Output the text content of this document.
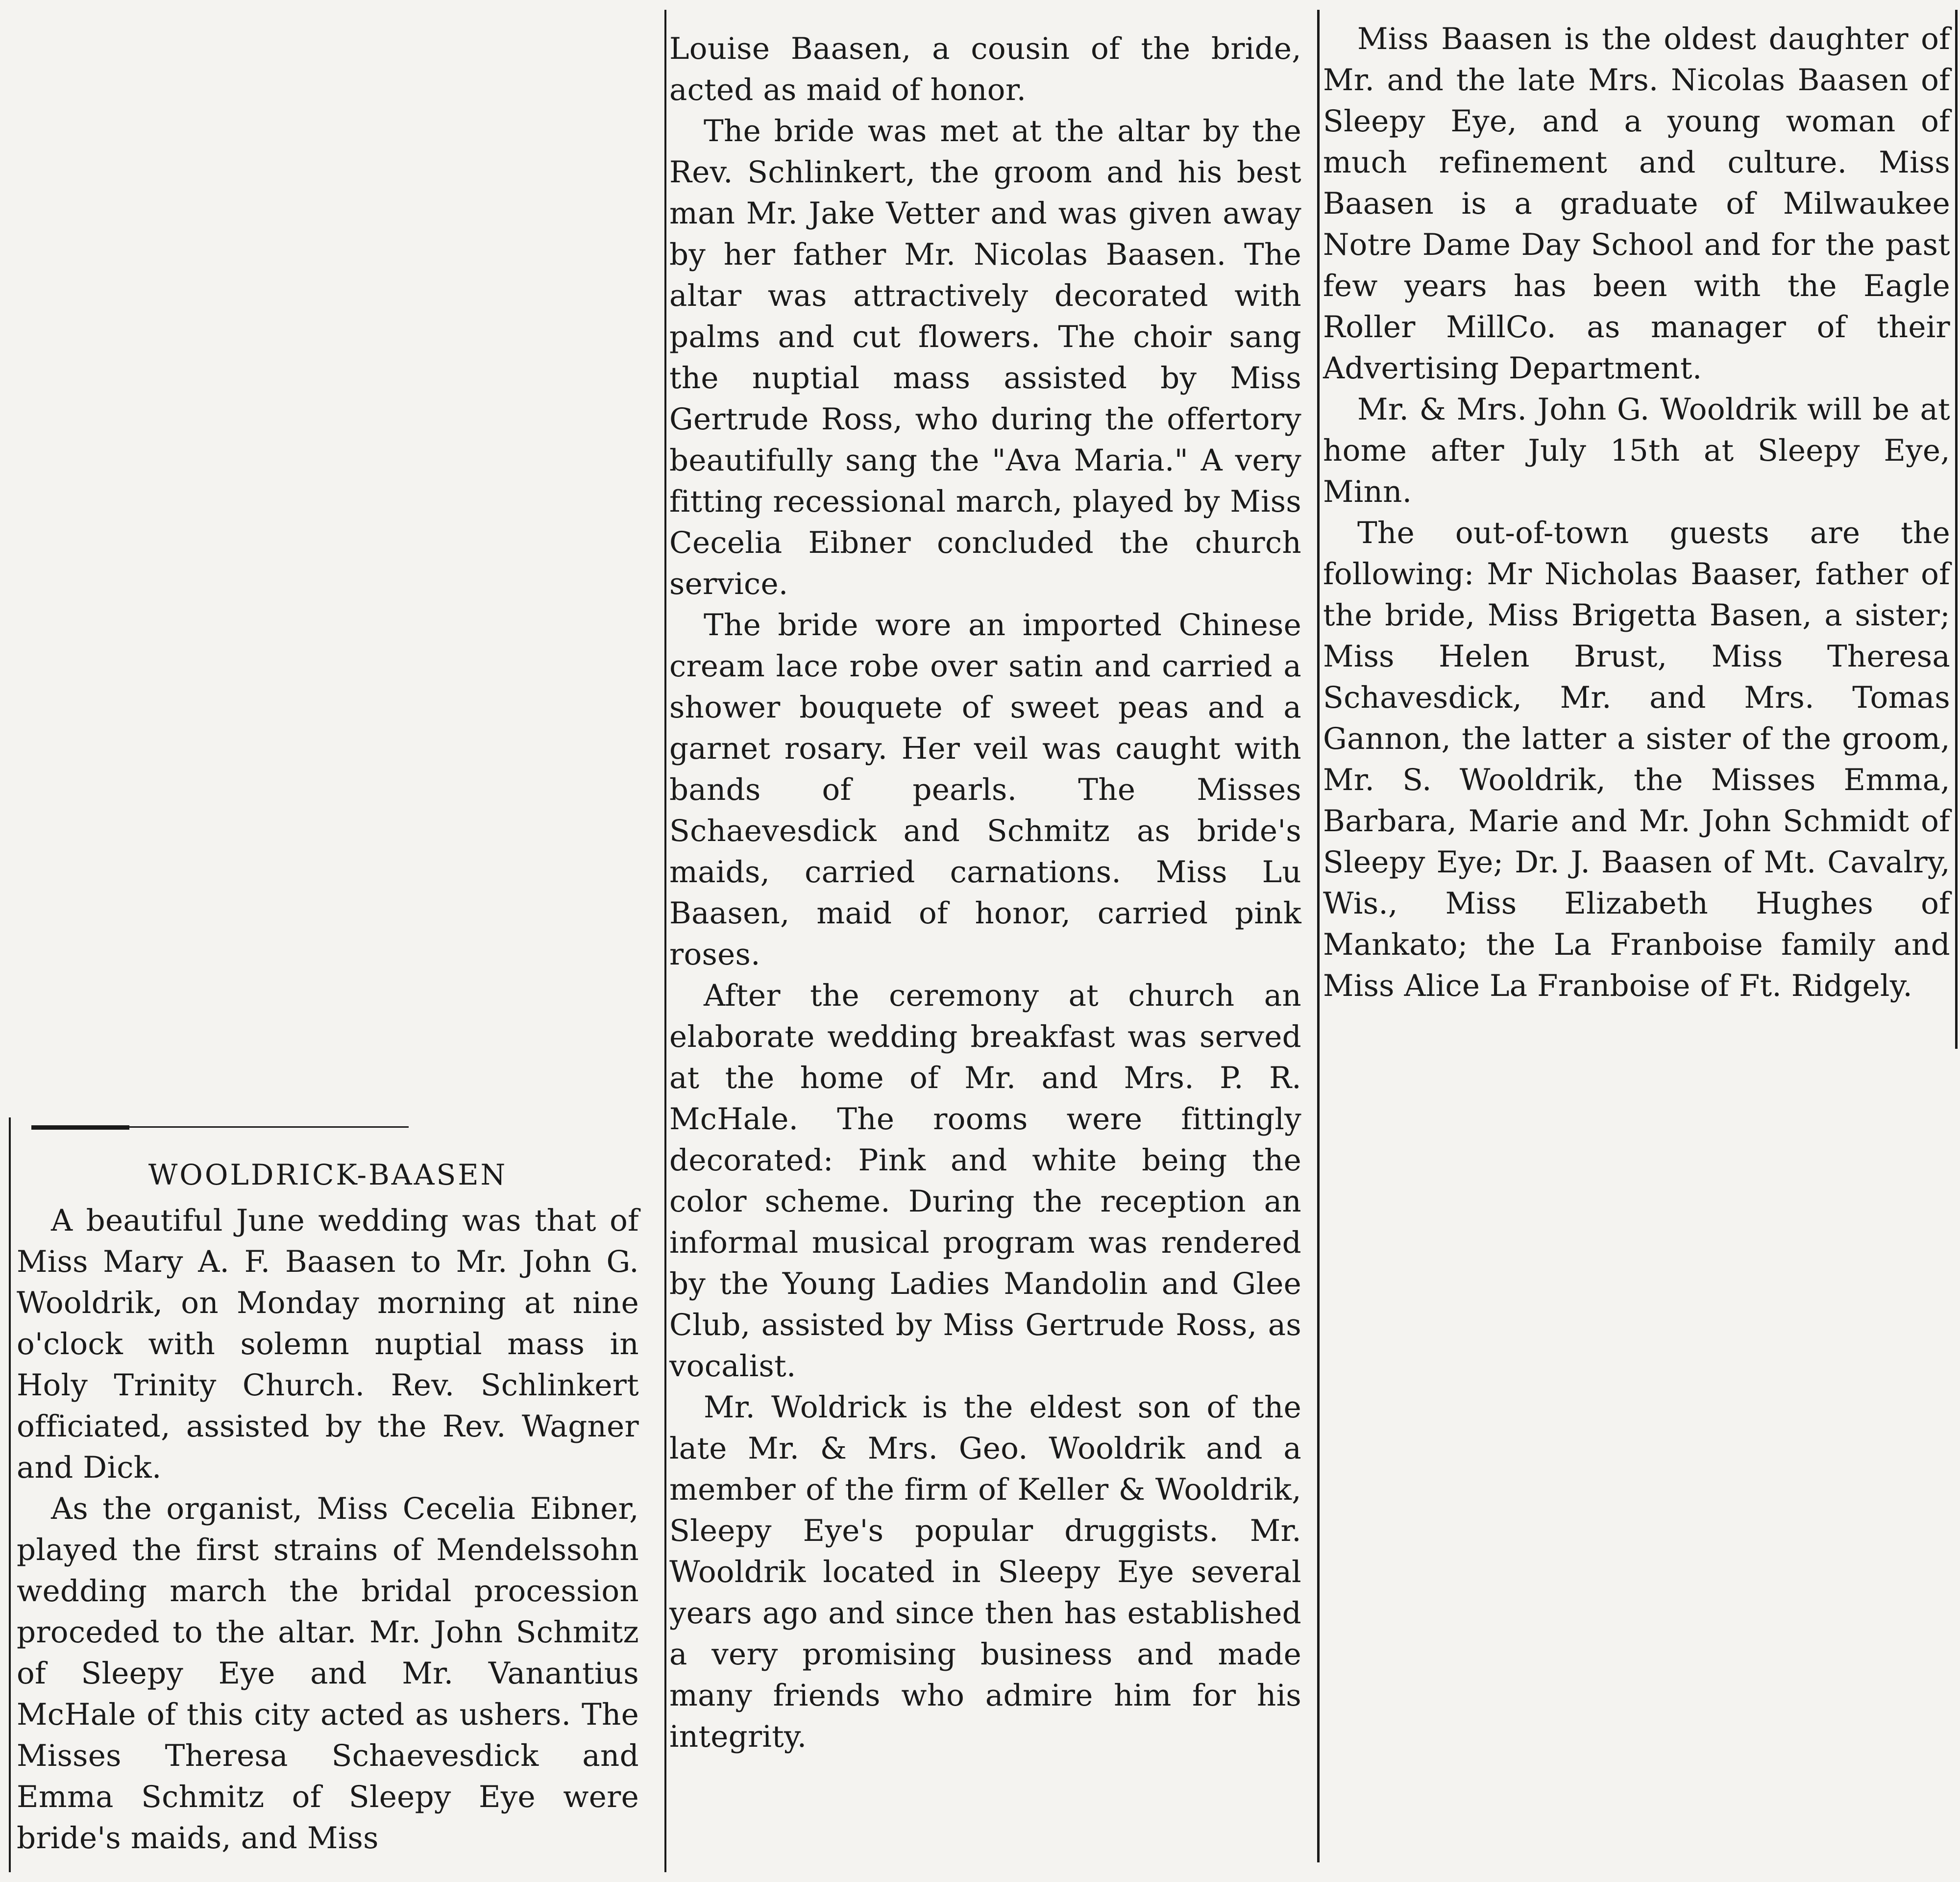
WOOLDRICK-BAASEN

A beautiful June wedding was that of Miss Mary A. F. Baasen to Mr. John G. Wooldrik, on Monday morning at nine o'clock with solemn nuptial mass in Holy Trinity Church. Rev. Schlinkert officiated, assisted by the Rev. Wagner and Dick.

As the organist, Miss Cecelia Eibner, played the first strains of Mendelssohn wedding march the bridal procession proceded to the altar. Mr. John Schmitz of Sleepy Eye and Mr. Vanantius McHale of this city acted as ushers. The Misses Theresa Schaevesdick and Emma Schmitz of Sleepy Eye were bride's maids, and Miss

Louise Baasen, a cousin of the bride, acted as maid of honor.

The bride was met at the altar by the Rev. Schlinkert, the groom and his best man Mr. Jake Vetter and was given away by her father Mr. Nicolas Baasen. The altar was attractively decorated with palms and cut flowers. The choir sang the nuptial mass assisted by Miss Gertrude Ross, who during the offertory beautifully sang the "Ava Maria." A very fitting recessional march, played by Miss Cecelia Eibner concluded the church service.

The bride wore an imported Chinese cream lace robe over satin and carried a shower bouquete of sweet peas and a garnet rosary. Her veil was caught with bands of pearls. The Misses Schaevesdick and Schmitz as bride's maids, carried carnations. Miss Lu Baasen, maid of honor, carried pink roses.

After the ceremony at church an elaborate wedding breakfast was served at the home of Mr. and Mrs. P. R. McHale. The rooms were fittingly decorated: Pink and white being the color scheme. During the reception an informal musical program was rendered by the Young Ladies Mandolin and Glee Club, assisted by Miss Gertrude Ross, as vocalist.

Mr. Woldrick is the eldest son of the late Mr. & Mrs. Geo. Wooldrik and a member of the firm of Keller & Wooldrik, Sleepy Eye's popular druggists. Mr. Wooldrik located in Sleepy Eye several years ago and since then has established a very promising business and made many friends who admire him for his integrity.

Miss Baasen is the oldest daughter of Mr. and the late Mrs. Nicolas Baasen of Sleepy Eye, and a young woman of much refinement and culture. Miss Baasen is a graduate of Milwaukee Notre Dame Day School and for the past few years has been with the Eagle Roller MillCo. as manager of their Advertising Department.

Mr. & Mrs. John G. Wooldrik will be at home after July 15th at Sleepy Eye, Minn.

The out-of-town guests are the following: Mr Nicholas Baaser, father of the bride, Miss Brigetta Basen, a sister; Miss Helen Brust, Miss Theresa Schavesdick, Mr. and Mrs. Tomas Gannon, the latter a sister of the groom, Mr. S. Wooldrik, the Misses Emma, Barbara, Marie and Mr. John Schmidt of Sleepy Eye; Dr. J. Baasen of Mt. Cavalry, Wis., Miss Elizabeth Hughes of Mankato; the La Franboise family and Miss Alice La Franboise of Ft. Ridgely.
